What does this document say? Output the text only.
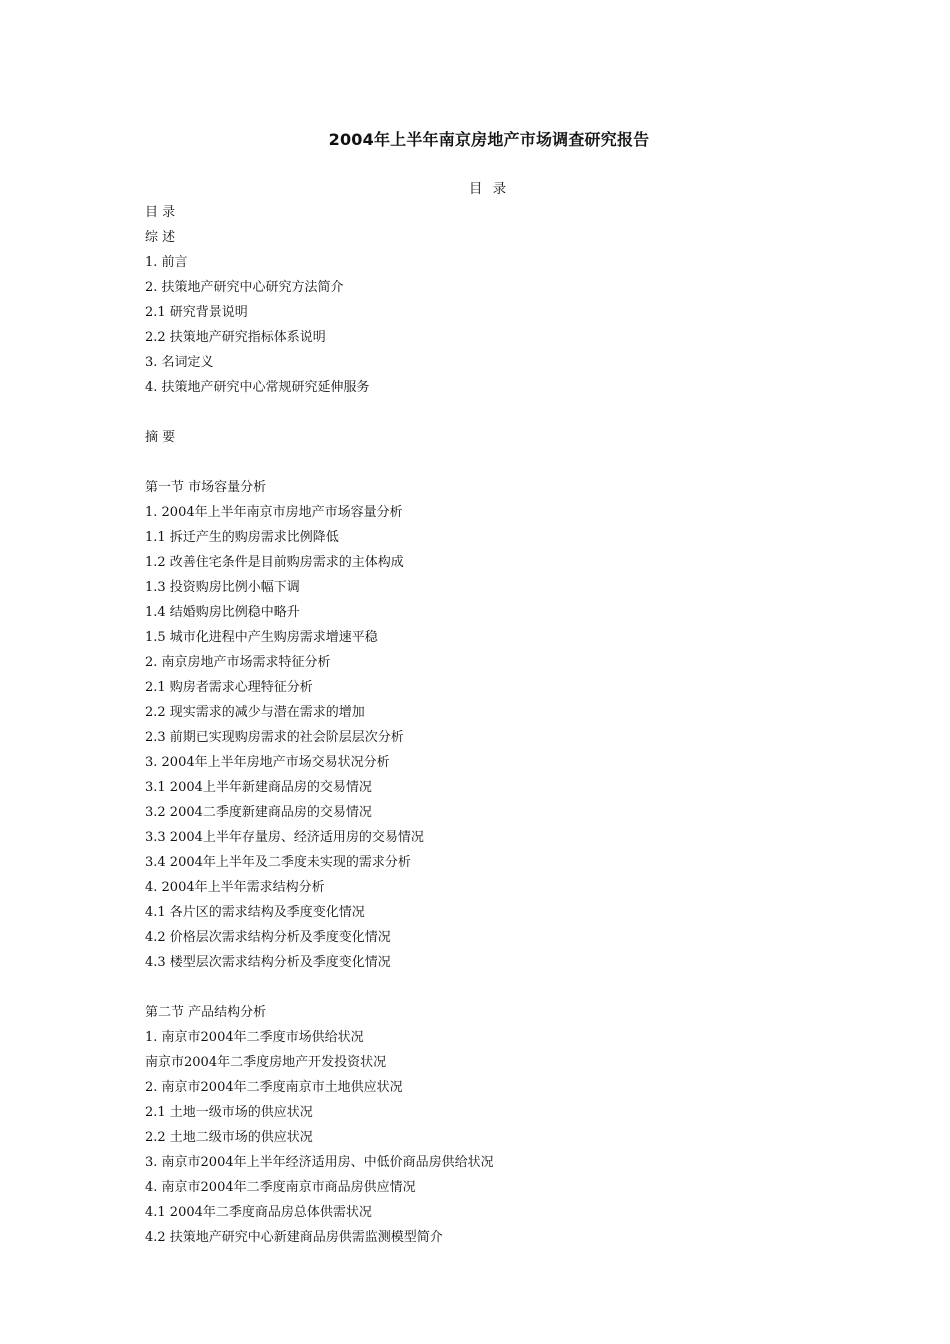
2004年上半年南京房地产市场调查研究报告
目 录
目 录
综 述
1. 前言
2. 扶策地产研究中心研究方法简介
2.1 研究背景说明
2.2 扶策地产研究指标体系说明
3. 名词定义
4. 扶策地产研究中心常规研究延伸服务
摘 要
第一节 市场容量分析
1. 2004年上半年南京市房地产市场容量分析
1.1 拆迁产生的购房需求比例降低
1.2 改善住宅条件是目前购房需求的主体构成
1.3 投资购房比例小幅下调
1.4 结婚购房比例稳中略升
1.5 城市化进程中产生购房需求增速平稳
2. 南京房地产市场需求特征分析
2.1 购房者需求心理特征分析
2.2 现实需求的减少与潜在需求的增加
2.3 前期已实现购房需求的社会阶层层次分析
3. 2004年上半年房地产市场交易状况分析
3.1 2004上半年新建商品房的交易情况
3.2 2004二季度新建商品房的交易情况
3.3 2004上半年存量房、经济适用房的交易情况
3.4 2004年上半年及二季度未实现的需求分析
4. 2004年上半年需求结构分析
4.1 各片区的需求结构及季度变化情况
4.2 价格层次需求结构分析及季度变化情况
4.3 楼型层次需求结构分析及季度变化情况
第二节 产品结构分析
1. 南京市2004年二季度市场供给状况
南京市2004年二季度房地产开发投资状况
2. 南京市2004年二季度南京市土地供应状况
2.1 土地一级市场的供应状况
2.2 土地二级市场的供应状况
3. 南京市2004年上半年经济适用房、中低价商品房供给状况
4. 南京市2004年二季度南京市商品房供应情况
4.1 2004年二季度商品房总体供需状况
4.2 扶策地产研究中心新建商品房供需监测模型简介
